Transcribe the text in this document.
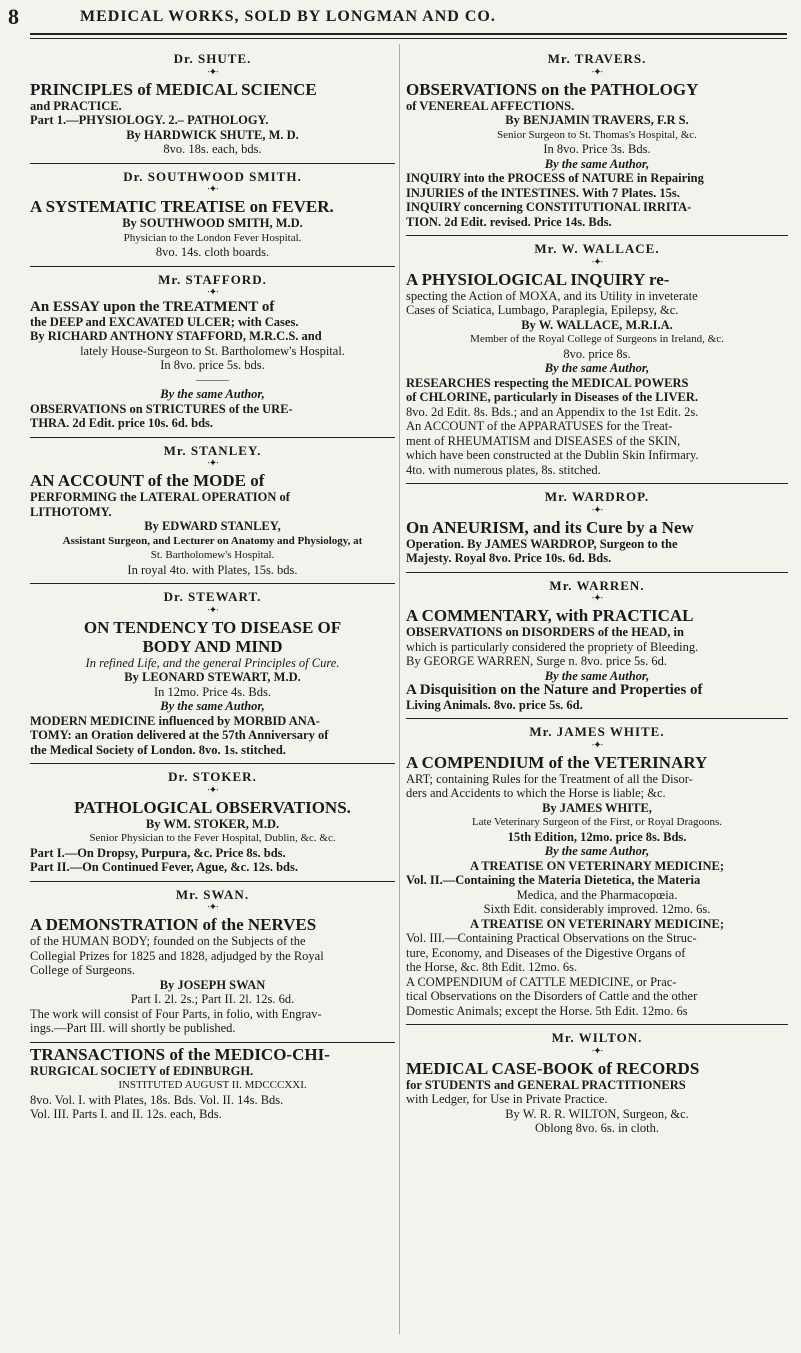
8	MEDICAL WORKS, SOLD BY LONGMAN AND CO.
Dr. SHUTE.
∙✦∙
PRINCIPLES of MEDICAL SCIENCE
and PRACTICE.
Part 1.—PHYSIOLOGY. 2.– PATHOLOGY.
By HARDWICK SHUTE, M. D.
8vo. 18s. each, bds.
Dr. SOUTHWOOD SMITH.
∙✦∙
A SYSTEMATIC TREATISE on FEVER.
By SOUTHWOOD SMITH, M.D.
Physician to the London Fever Hospital.
8vo. 14s. cloth boards.
Mr. STAFFORD.
∙✦∙
An ESSAY upon the TREATMENT of
the DEEP and EXCAVATED ULCER; with Cases.
By RICHARD ANTHONY STAFFORD, M.R.C.S. and
lately House-Surgeon to St. Bartholomew's Hospital.
In 8vo. price 5s. bds.
———
By the same Author,
OBSERVATIONS on STRICTURES of the URE-
THRA. 2d Edit. price 10s. 6d. bds.
Mr. STANLEY.
∙✦∙
AN ACCOUNT of the MODE of
PERFORMING the LATERAL OPERATION of
LITHOTOMY.
By EDWARD STANLEY,
Assistant Surgeon, and Lecturer on Anatomy and Physiology, at
St. Bartholomew's Hospital.
In royal 4to. with Plates, 15s. bds.
Dr. STEWART.
∙✦∙
ON TENDENCY TO DISEASE OF
BODY AND MIND
In refined Life, and the general Principles of Cure.
By LEONARD STEWART, M.D.
In 12mo. Price 4s. Bds.
By the same Author,
MODERN MEDICINE influenced by MORBID ANA-
TOMY: an Oration delivered at the 57th Anniversary of
the Medical Society of London. 8vo. 1s. stitched.
Dr. STOKER.
∙✦∙
PATHOLOGICAL OBSERVATIONS.
By WM. STOKER, M.D.
Senior Physician to the Fever Hospital, Dublin, &c. &c.
Part I.—On Dropsy, Purpura, &c. Price 8s. bds.
Part II.—On Continued Fever, Ague, &c. 12s. bds.
Mr. SWAN.
∙✦∙
A DEMONSTRATION of the NERVES
of the HUMAN BODY; founded on the Subjects of the
Collegial Prizes for 1825 and 1828, adjudged by the Royal
College of Surgeons.
By JOSEPH SWAN
Part I. 2l. 2s.; Part II. 2l. 12s. 6d.
The work will consist of Four Parts, in folio, with Engrav-
ings.—Part III. will shortly be published.
TRANSACTIONS of the MEDICO-CHI-
RURGICAL SOCIETY of EDINBURGH.
INSTITUTED AUGUST II. MDCCCXXI.
8vo. Vol. I. with Plates, 18s. Bds. Vol. II. 14s. Bds.
Vol. III. Parts I. and II. 12s. each, Bds.
Mr. TRAVERS.
∙✦∙
OBSERVATIONS on the PATHOLOGY
of VENEREAL AFFECTIONS.
By BENJAMIN TRAVERS, F.R S.
Senior Surgeon to St. Thomas's Hospital, &c.
In 8vo. Price 3s. Bds.
By the same Author,
INQUIRY into the PROCESS of NATURE in Repairing
INJURIES of the INTESTINES. With 7 Plates. 15s.
INQUIRY concerning CONSTITUTIONAL IRRITA-
TION. 2d Edit. revised. Price 14s. Bds.
Mr. W. WALLACE.
∙✦∙
A PHYSIOLOGICAL INQUIRY re-
specting the Action of MOXA, and its Utility in inveterate
Cases of Sciatica, Lumbago, Paraplegia, Epilepsy, &c.
By W. WALLACE, M.R.I.A.
Member of the Royal College of Surgeons in Ireland, &c.
8vo. price 8s.
By the same Author,
RESEARCHES respecting the MEDICAL POWERS
of CHLORINE, particularly in Diseases of the LIVER.
8vo. 2d Edit. 8s. Bds.; and an Appendix to the 1st Edit. 2s.
An ACCOUNT of the APPARATUSES for the Treat-
ment of RHEUMATISM and DISEASES of the SKIN,
which have been constructed at the Dublin Skin Infirmary.
4to. with numerous plates, 8s. stitched.
Mr. WARDROP.
∙✦∙
On ANEURISM, and its Cure by a New
Operation. By JAMES WARDROP, Surgeon to the
Majesty. Royal 8vo. Price 10s. 6d. Bds.
Mr. WARREN.
∙✦∙
A COMMENTARY, with PRACTICAL
OBSERVATIONS on DISORDERS of the HEAD, in
which is particularly considered the propriety of Bleeding.
By GEORGE WARREN, Surge n. 8vo. price 5s. 6d.
By the same Author,
A Disquisition on the Nature and Properties of
Living Animals. 8vo. price 5s. 6d.
Mr. JAMES WHITE.
∙✦∙
A COMPENDIUM of the VETERINARY
ART; containing Rules for the Treatment of all the Disor-
ders and Accidents to which the Horse is liable; &c.
By JAMES WHITE,
Late Veterinary Surgeon of the First, or Royal Dragoons.
15th Edition, 12mo. price 8s. Bds.
By the same Author,
A TREATISE ON VETERINARY MEDICINE;
Vol. II.—Containing the Materia Dietetica, the Materia
Medica, and the Pharmacopœia.
Sixth Edit. considerably improved. 12mo. 6s.
A TREATISE ON VETERINARY MEDICINE;
Vol. III.—Containing Practical Observations on the Struc-
ture, Economy, and Diseases of the Digestive Organs of
the Horse, &c. 8th Edit. 12mo. 6s.
A COMPENDIUM of CATTLE MEDICINE, or Prac-
tical Observations on the Disorders of Cattle and the other
Domestic Animals; except the Horse. 5th Edit. 12mo. 6s
Mr. WILTON.
∙✦∙
MEDICAL CASE-BOOK of RECORDS
for STUDENTS and GENERAL PRACTITIONERS
with Ledger, for Use in Private Practice.
By W. R. R. WILTON, Surgeon, &c.
Oblong 8vo. 6s. in cloth.
